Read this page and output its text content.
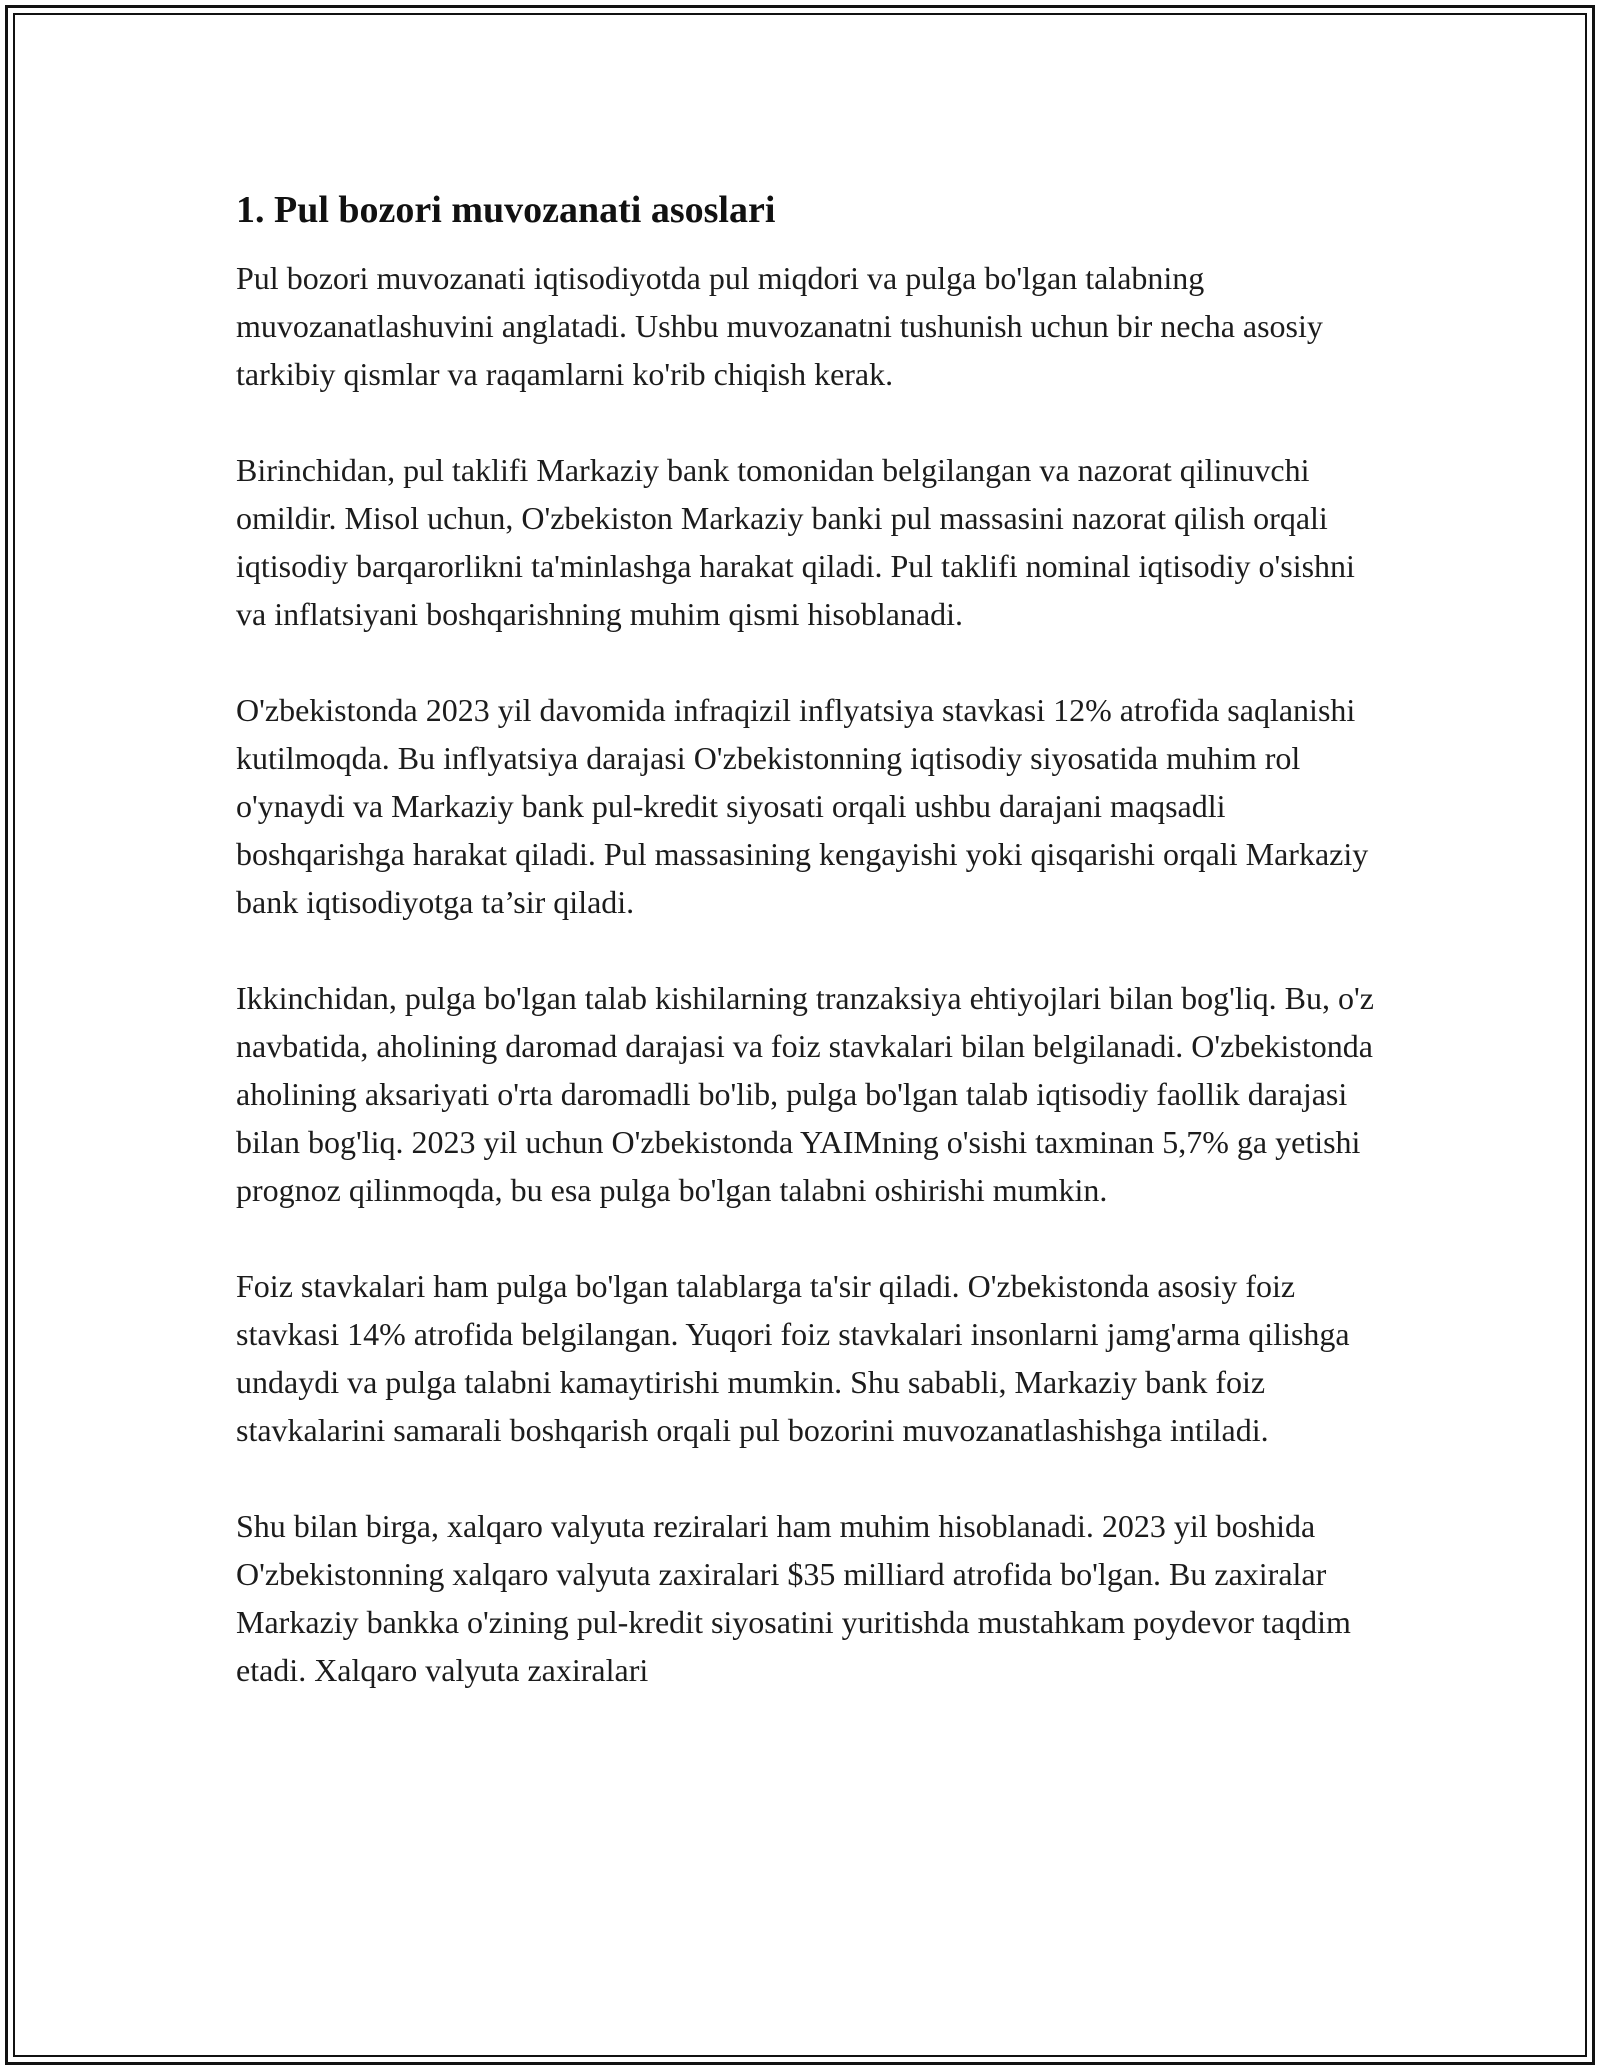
1. Pul bozori muvozanati asoslari

Pul bozori muvozanati iqtisodiyotda pul miqdori va pulga bo'lgan talabning muvozanatlashuvini anglatadi. Ushbu muvozanatni tushunish uchun bir necha asosiy tarkibiy qismlar va raqamlarni ko'rib chiqish kerak.

Birinchidan, pul taklifi Markaziy bank tomonidan belgilangan va nazorat qilinuvchi omildir. Misol uchun, O'zbekiston Markaziy banki pul massasini nazorat qilish orqali iqtisodiy barqarorlikni ta'minlashga harakat qiladi. Pul taklifi nominal iqtisodiy o'sishni va inflatsiyani boshqarishning muhim qismi hisoblanadi.

O'zbekistonda 2023 yil davomida infraqizil inflyatsiya stavkasi 12% atrofida saqlanishi kutilmoqda. Bu inflyatsiya darajasi O'zbekistonning iqtisodiy siyosatida muhim rol o'ynaydi va Markaziy bank pul-kredit siyosati orqali ushbu darajani maqsadli boshqarishga harakat qiladi. Pul massasining kengayishi yoki qisqarishi orqali Markaziy bank iqtisodiyotga ta’sir qiladi.

Ikkinchidan, pulga bo'lgan talab kishilarning tranzaksiya ehtiyojlari bilan bog'liq. Bu, o'z navbatida, aholining daromad darajasi va foiz stavkalari bilan belgilanadi. O'zbekistonda aholining aksariyati o'rta daromadli bo'lib, pulga bo'lgan talab iqtisodiy faollik darajasi bilan bog'liq. 2023 yil uchun O'zbekistonda YAIMning o'sishi taxminan 5,7% ga yetishi prognoz qilinmoqda, bu esa pulga bo'lgan talabni oshirishi mumkin.

Foiz stavkalari ham pulga bo'lgan talablarga ta'sir qiladi. O'zbekistonda asosiy foiz stavkasi 14% atrofida belgilangan. Yuqori foiz stavkalari insonlarni jamg'arma qilishga undaydi va pulga talabni kamaytirishi mumkin. Shu sababli, Markaziy bank foiz stavkalarini samarali boshqarish orqali pul bozorini muvozanatlashishga intiladi.

Shu bilan birga, xalqaro valyuta reziralari ham muhim hisoblanadi. 2023 yil boshida O'zbekistonning xalqaro valyuta zaxiralari $35 milliard atrofida bo'lgan. Bu zaxiralar Markaziy bankka o'zining pul-kredit siyosatini yuritishda mustahkam poydevor taqdim etadi. Xalqaro valyuta zaxiralari
